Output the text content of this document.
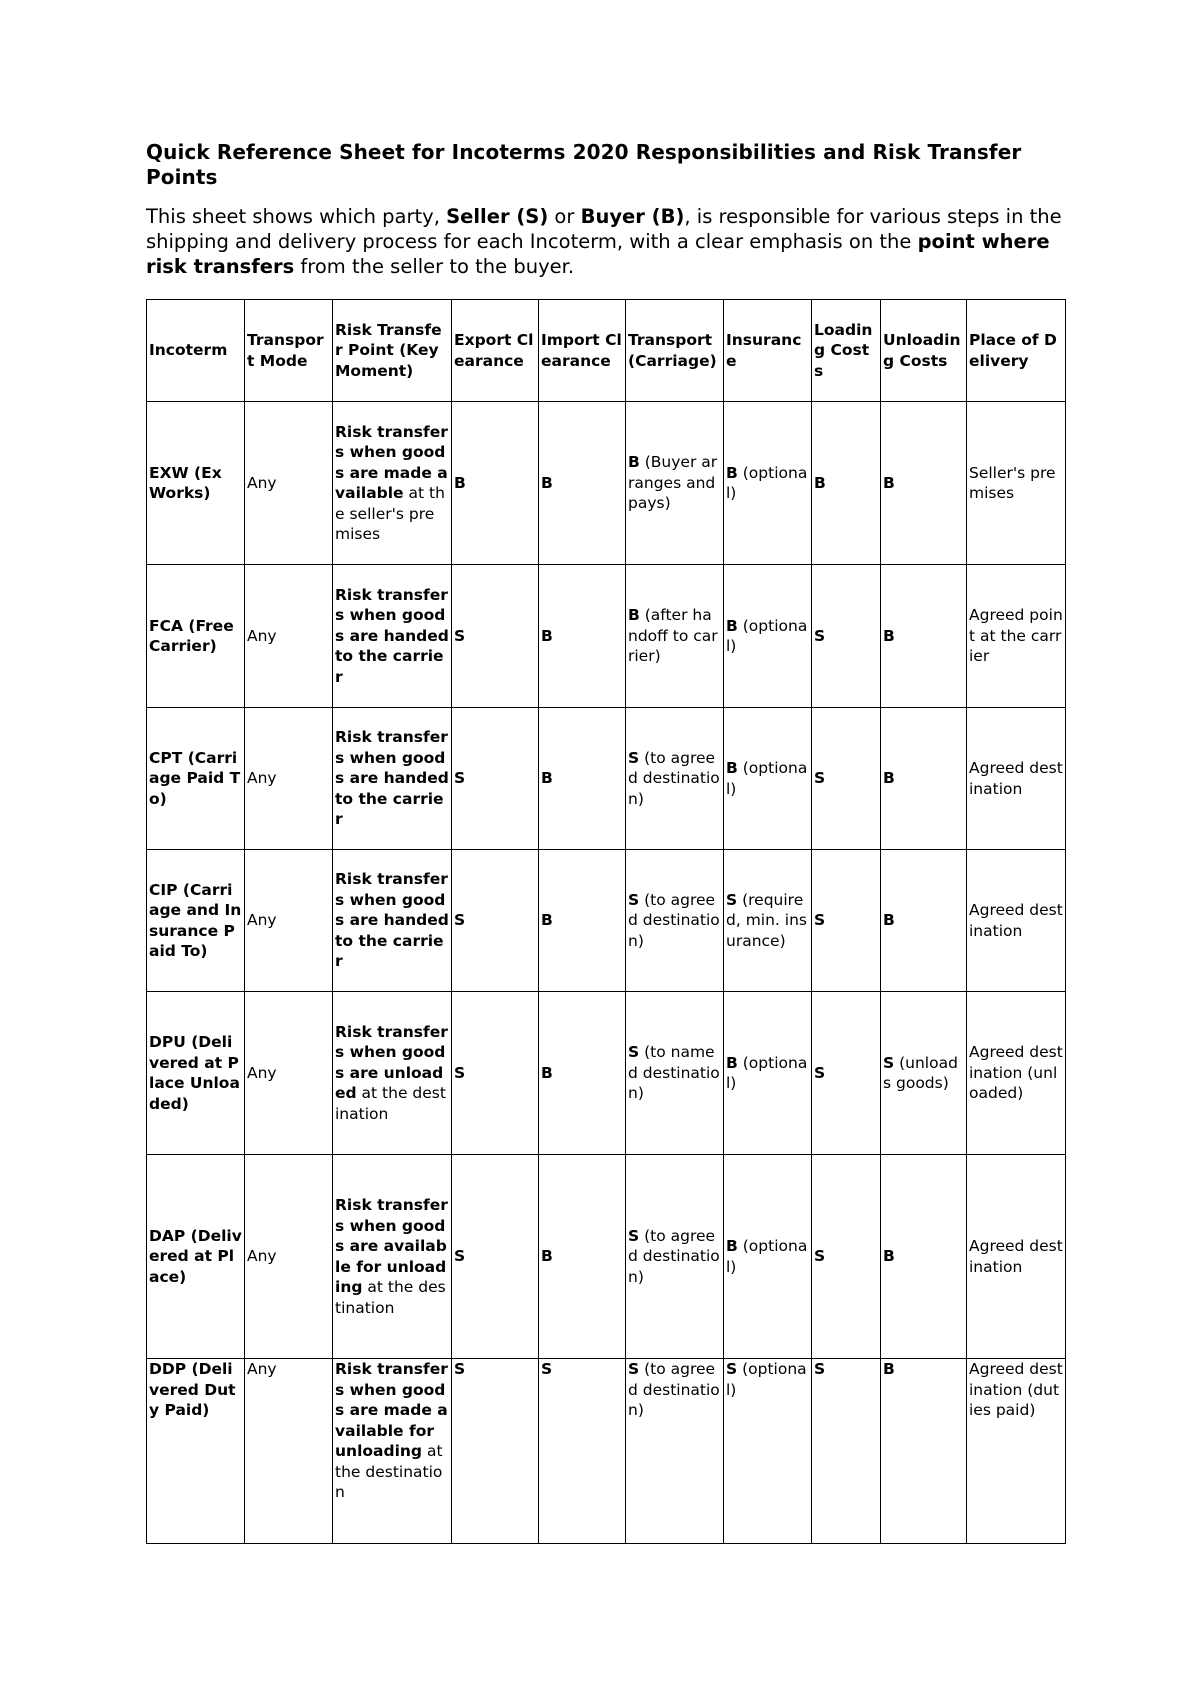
Quick Reference Sheet for Incoterms 2020 Responsibilities and Risk Transfer Points

This sheet shows which party, Seller (S) or Buyer (B), is responsible for various steps in the shipping and delivery process for each Incoterm, with a clear emphasis on the point where risk transfers from the seller to the buyer.

Incoterm	Transport Mode	Risk Transfer Point (Key Moment)	Export Clearance	Import Clearance	Transport (Carriage)	Insurance	Loading Costs	Unloading Costs	Place of Delivery
EXW (Ex Works)	Any	Risk transfers when goods are made available at the seller's premises	B	B	B (Buyer arranges and pays)	B (optional)	B	B	Seller's premises
FCA (Free Carrier)	Any	Risk transfers when goods are handed to the carrier	S	B	B (after handoff to carrier)	B (optional)	S	B	Agreed point at the carrier
CPT (Carriage Paid To)	Any	Risk transfers when goods are handed to the carrier	S	B	S (to agreed destination)	B (optional)	S	B	Agreed destination
CIP (Carriage and Insurance Paid To)	Any	Risk transfers when goods are handed to the carrier	S	B	S (to agreed destination)	S (required, min. insurance)	S	B	Agreed destination
DPU (Delivered at Place Unloaded)	Any	Risk transfers when goods are unloaded at the destination	S	B	S (to named destination)	B (optional)	S	S (unloads goods)	Agreed destination (unloaded)
DAP (Delivered at Place)	Any	Risk transfers when goods are available for unloading at the destination	S	B	S (to agreed destination)	B (optional)	S	B	Agreed destination
DDP (Delivered Duty Paid)	Any	Risk transfers when goods are made available for unloading at the destination	S	S	S (to agreed destination)	S (optional)	S	B	Agreed destination (duties paid)
